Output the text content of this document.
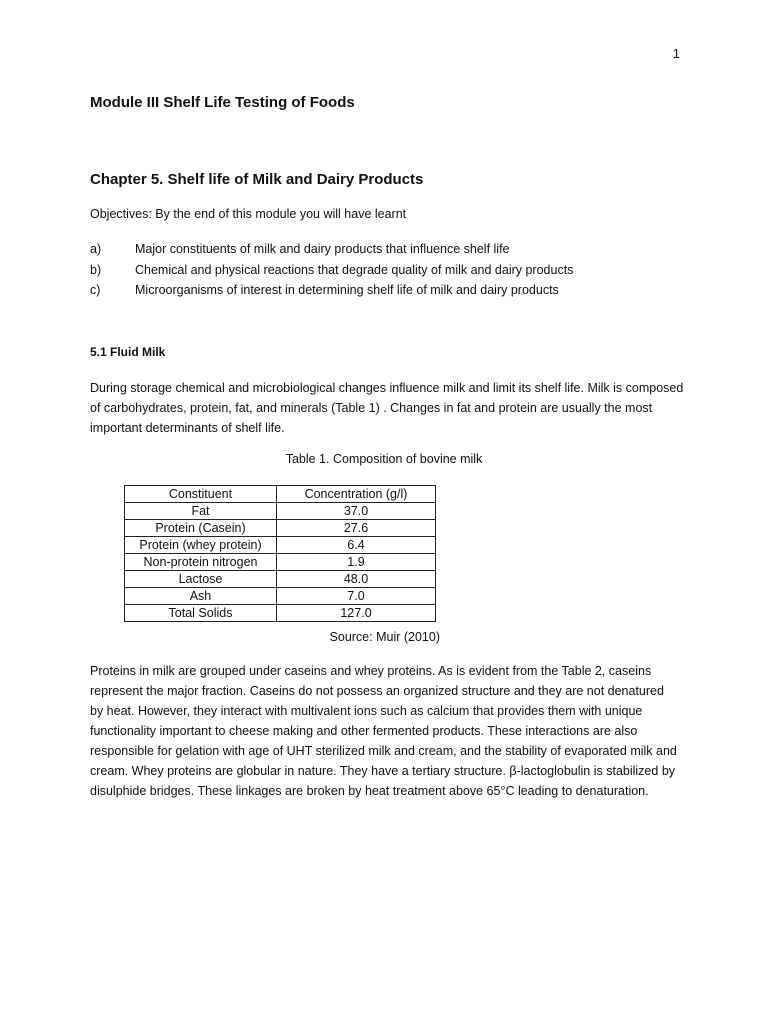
1
Module III Shelf Life Testing of Foods
Chapter 5. Shelf life of Milk and Dairy Products

Objectives: By the end of this module you will have learnt

a)	Major constituents of milk and dairy products that influence shelf life
b)	Chemical and physical reactions that degrade quality of milk and dairy products
c)	Microorganisms of interest in determining shelf life of milk and dairy products
5.1 Fluid Milk

During storage chemical and microbiological changes influence milk and limit its shelf life. Milk is composed of carbohydrates, protein, fat, and minerals (Table 1) . Changes in fat and protein are usually the most important determinants of shelf life.

Table 1. Composition of bovine milk

Constituent	Concentration (g/l)
Fat	37.0
Protein (Casein)	27.6
Protein (whey protein)	6.4
Non-protein nitrogen	1.9
Lactose	48.0
Ash	7.0
Total Solids	127.0

Source: Muir (2010)

Proteins in milk are grouped under caseins and whey proteins. As is evident from the Table 2, caseins represent the major fraction. Caseins do not possess an organized structure and they are not denatured by heat. However, they interact with multivalent ions such as calcium that provides them with unique functionality important to cheese making and other fermented products. These interactions are also responsible for gelation with age of UHT sterilized milk and cream, and the stability of evaporated milk and cream. Whey proteins are globular in nature. They have a tertiary structure. β-lactoglobulin is stabilized by disulphide bridges. These linkages are broken by heat treatment above 65°C leading to denaturation.
